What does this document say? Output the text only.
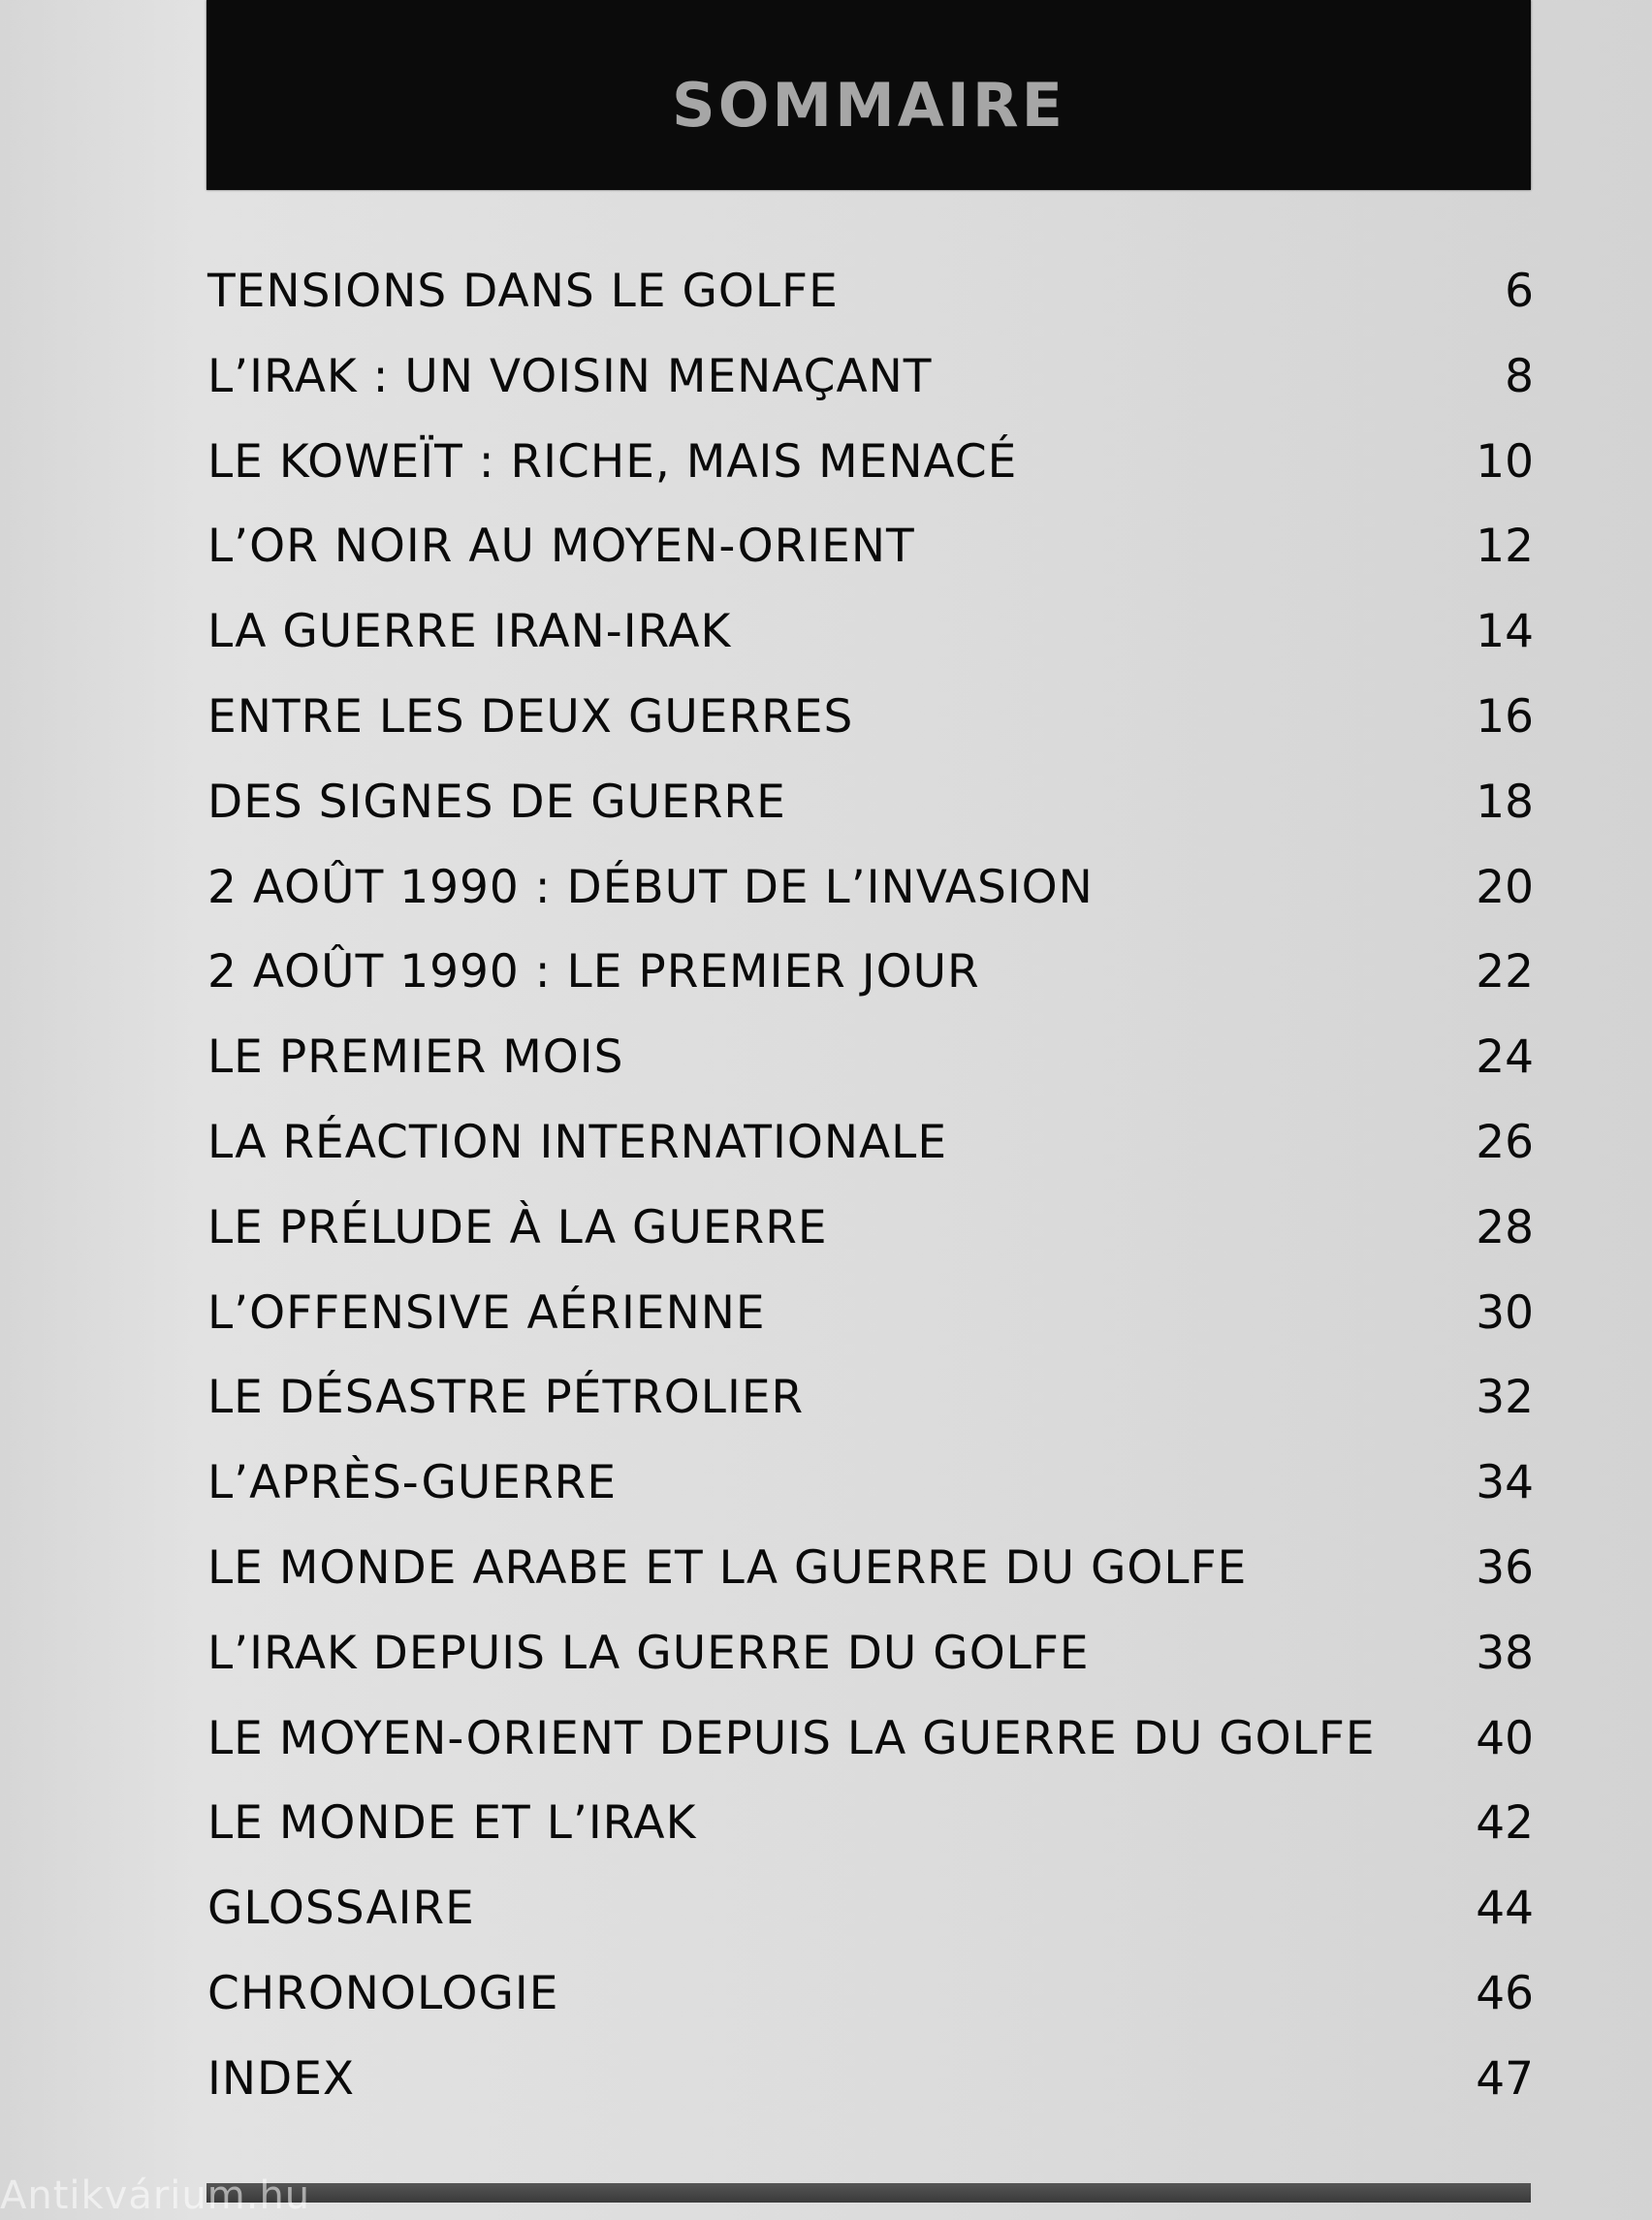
SOMMAIRE
TENSIONS DANS LE GOLFE	6
L’IRAK : UN VOISIN MENAÇANT	8
LE KOWEÏT : RICHE, MAIS MENACÉ	10
L’OR NOIR AU MOYEN-ORIENT	12
LA GUERRE IRAN-IRAK	14
ENTRE LES DEUX GUERRES	16
DES SIGNES DE GUERRE	18
2 AOÛT 1990 : DÉBUT DE L’INVASION	20
2 AOÛT 1990 : LE PREMIER JOUR	22
LE PREMIER MOIS	24
LA RÉACTION INTERNATIONALE	26
LE PRÉLUDE À LA GUERRE	28
L’OFFENSIVE AÉRIENNE	30
LE DÉSASTRE PÉTROLIER	32
L’APRÈS-GUERRE	34
LE MONDE ARABE ET LA GUERRE DU GOLFE	36
L’IRAK DEPUIS LA GUERRE DU GOLFE	38
LE MOYEN-ORIENT DEPUIS LA GUERRE DU GOLFE	40
LE MONDE ET L’IRAK	42
GLOSSAIRE	44
CHRONOLOGIE	46
INDEX	47
Antikvárium.hu
